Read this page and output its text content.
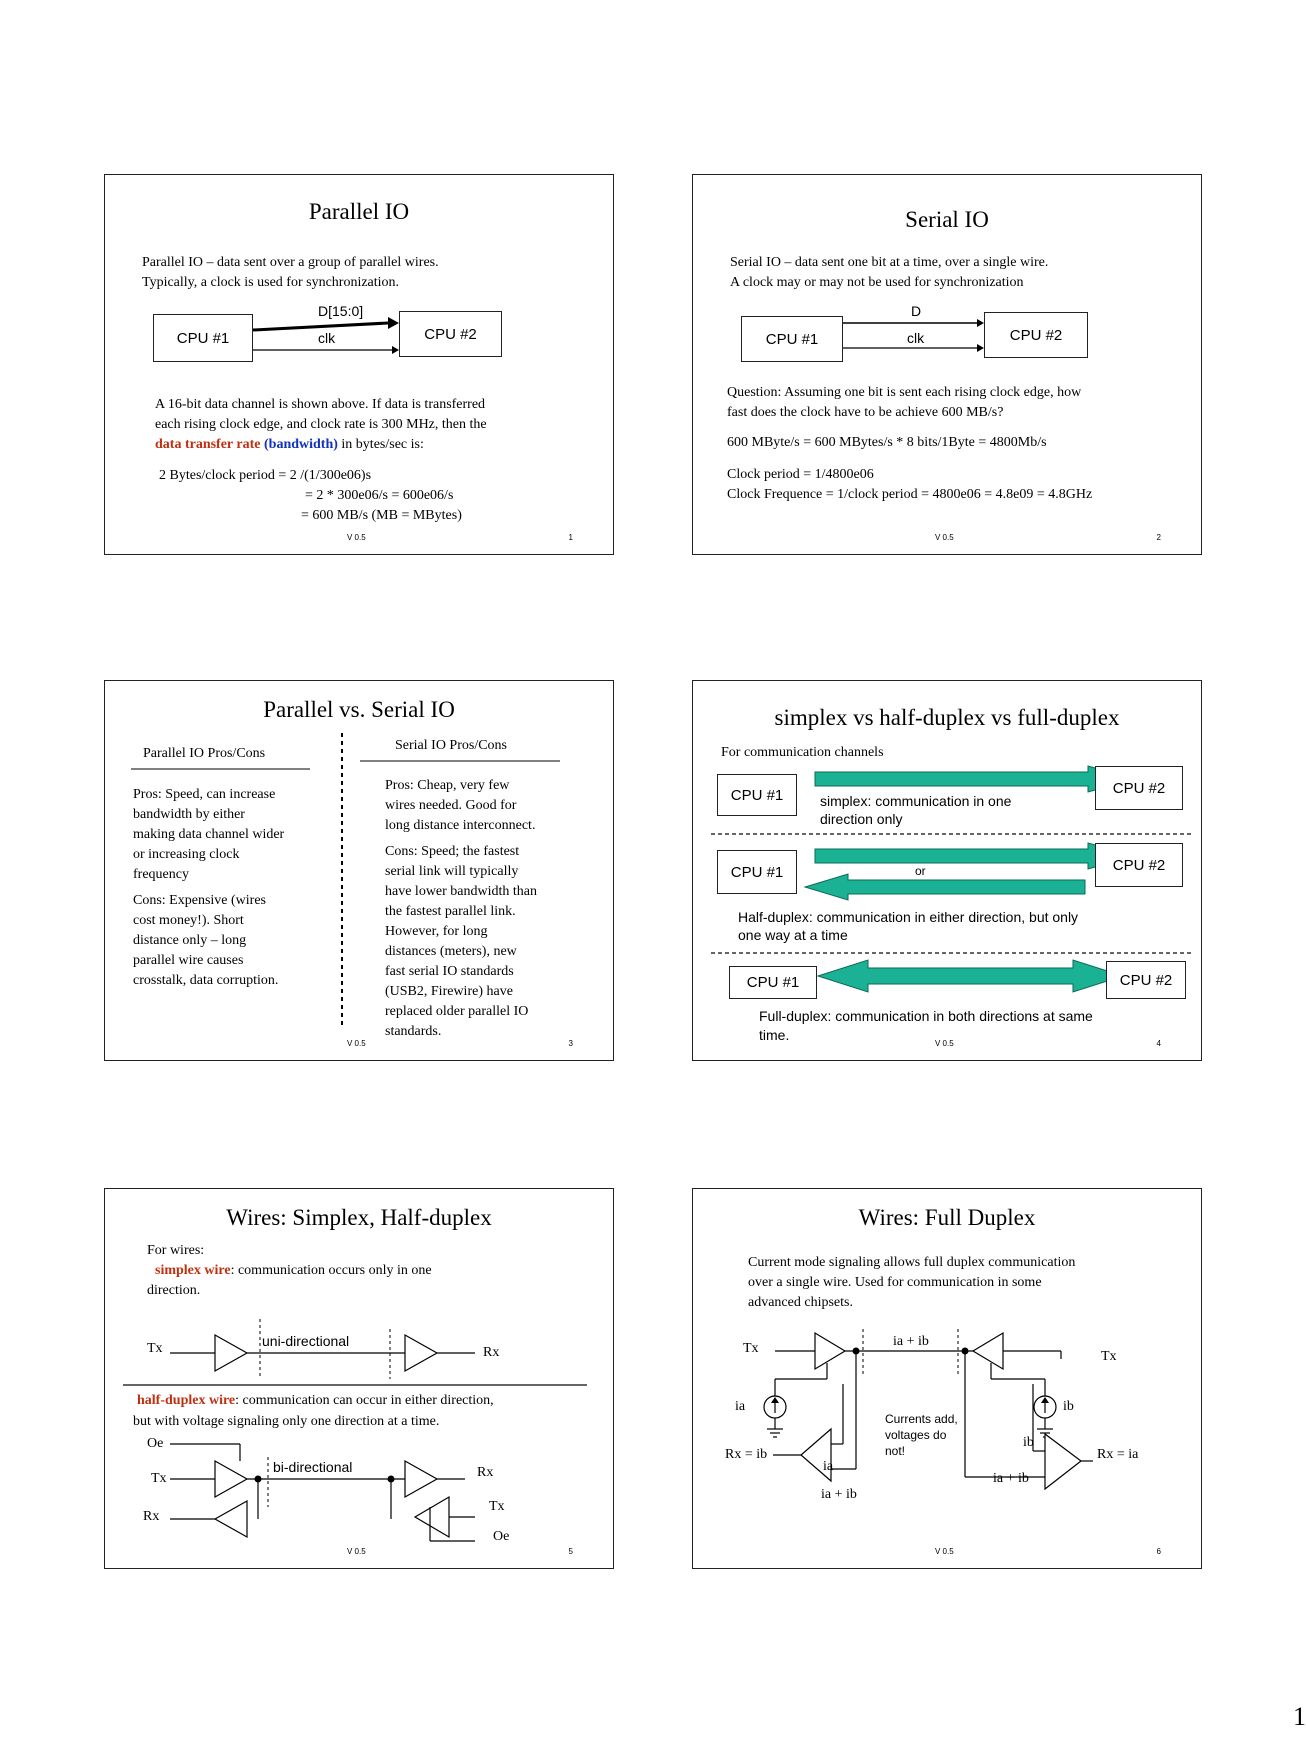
Parallel IO
Parallel IO – data sent over a group of parallel wires.
Typically, a clock is used for synchronization.
CPU #1	CPU #2
D[15:0]
clk
A 16-bit data channel is shown above. If data is transferred
each rising clock edge, and clock rate is 300 MHz, then the
data transfer rate (bandwidth) in bytes/sec is:
2 Bytes/clock period = 2 /(1/300e06)s
= 2 * 300e06/s = 600e06/s
= 600 MB/s (MB = MBytes)
V 0.5	1
Serial IO
Serial IO – data sent one bit at a time, over a single wire.
A clock may or may not be used for synchronization
CPU #1	CPU #2
D
clk
Question: Assuming one bit is sent each rising clock edge, how
fast does the clock have to be achieve 600 MB/s?
600 MByte/s = 600 MBytes/s * 8 bits/1Byte = 4800Mb/s
Clock period = 1/4800e06
Clock Frequence = 1/clock period = 4800e06 = 4.8e09 = 4.8GHz
V 0.5	2
Parallel vs. Serial IO
Parallel IO Pros/Cons
Serial IO Pros/Cons
Pros: Speed, can increase
bandwidth by either
making data channel wider
or increasing clock
frequency
Cons: Expensive (wires
cost money!). Short
distance only – long
parallel wire causes
crosstalk, data corruption.
Pros: Cheap, very few
wires needed. Good for
long distance interconnect.
Cons: Speed; the fastest
serial link will typically
have lower bandwidth than
the fastest parallel link.
However, for long
distances (meters), new
fast serial IO standards
(USB2, Firewire) have
replaced older parallel IO
standards.
V 0.5	3
simplex vs half-duplex vs full-duplex
For communication channels
CPU #1	CPU #2
simplex: communication in one
direction only
CPU #1	CPU #2
or
Half-duplex: communication in either direction, but only
one way at a time
CPU #1	CPU #2
Full-duplex: communication in both directions at same
time.
V 0.5	4
Wires: Simplex, Half-duplex
For wires:
simplex wire: communication occurs only in one
direction.
Tx	Rx
uni-directional
half-duplex wire: communication can occur in either direction,
but with voltage signaling only one direction at a time.
Oe
Tx
Rx
bi-directional	Rx
Tx
Oe
V 0.5	5
Wires: Full Duplex
Current mode signaling allows full duplex communication
over a single wire. Used for communication in some
advanced chipsets.
Tx
Tx
ia + ib
ia	ib
Currents add,
voltages do
not!
Rx = ib
ia
ia + ib
ib
ia + ib
Rx = ia
V 0.5	6
1
